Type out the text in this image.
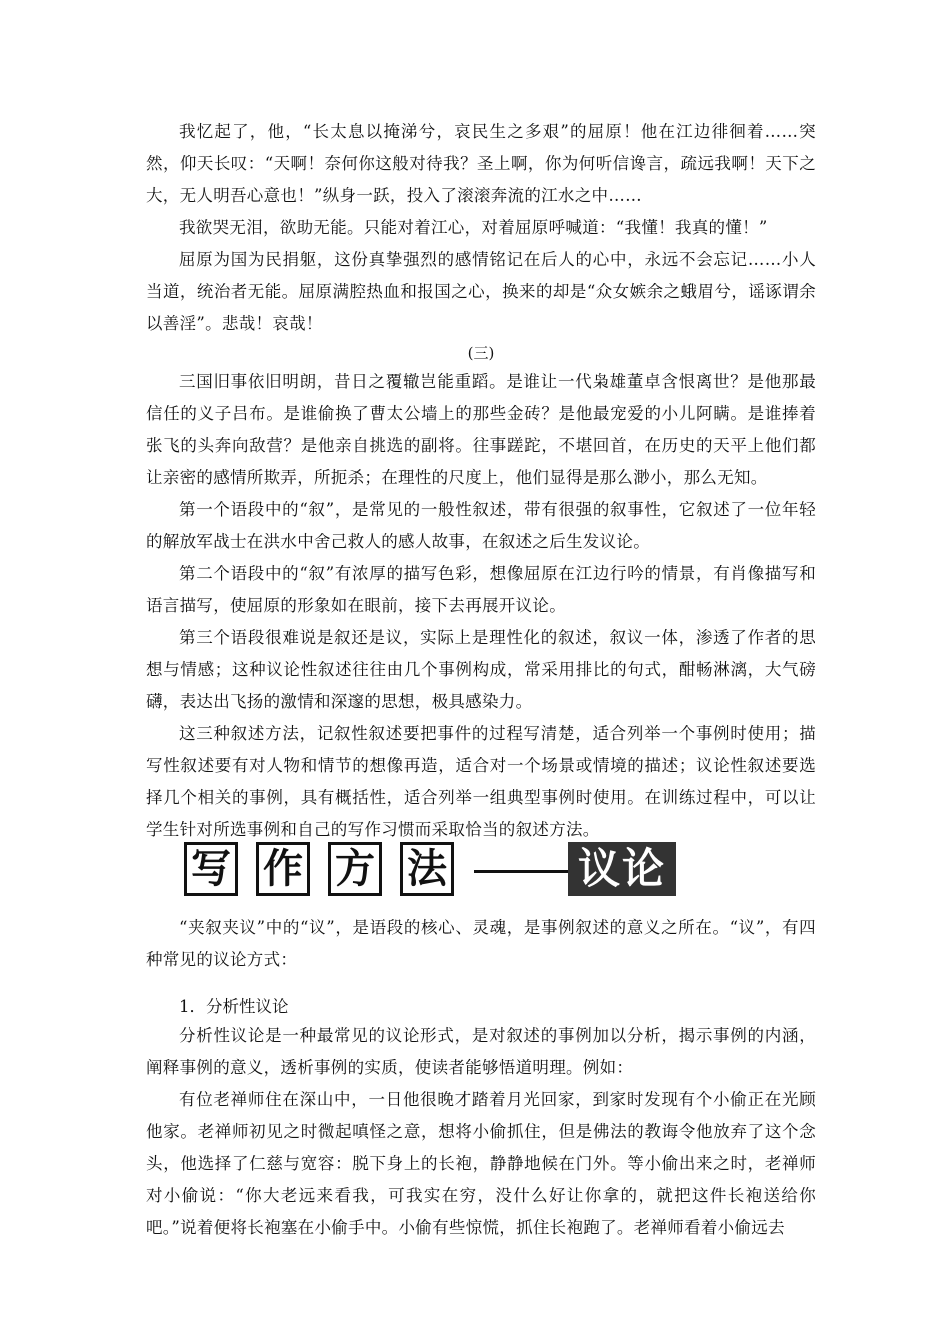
我忆起了，他，“长太息以掩涕兮，哀民生之多艰”的屈原！他在江边徘徊着……突然，仰天长叹：“天啊！奈何你这般对待我？圣上啊，你为何听信谗言，疏远我啊！天下之大，无人明吾心意也！”纵身一跃，投入了滚滚奔流的江水之中……

我欲哭无泪，欲助无能。只能对着江心，对着屈原呼喊道：“我懂！我真的懂！”

屈原为国为民捐躯，这份真挚强烈的感情铭记在后人的心中，永远不会忘记……小人当道，统治者无能。屈原满腔热血和报国之心，换来的却是“众女嫉余之蛾眉兮，谣诼谓余以善淫”。悲哉！哀哉！

(三)

三国旧事依旧明朗，昔日之覆辙岂能重蹈。是谁让一代枭雄董卓含恨离世？是他那最信任的义子吕布。是谁偷换了曹太公墙上的那些金砖？是他最宠爱的小儿阿瞒。是谁捧着张飞的头奔向敌营？是他亲自挑选的副将。往事蹉跎，不堪回首，在历史的天平上他们都让亲密的感情所欺弄，所扼杀；在理性的尺度上，他们显得是那么渺小，那么无知。

第一个语段中的“叙”，是常见的一般性叙述，带有很强的叙事性，它叙述了一位年轻的解放军战士在洪水中舍己救人的感人故事，在叙述之后生发议论。

第二个语段中的“叙”有浓厚的描写色彩，想像屈原在江边行吟的情景，有肖像描写和语言描写，使屈原的形象如在眼前，接下去再展开议论。

第三个语段很难说是叙还是议，实际上是理性化的叙述，叙议一体，渗透了作者的思想与情感；这种议论性叙述往往由几个事例构成，常采用排比的句式，酣畅淋漓，大气磅礴，表达出飞扬的激情和深邃的思想，极具感染力。

这三种叙述方法，记叙性叙述要把事件的过程写清楚，适合列举一个事例时使用；描写性叙述要有对人物和情节的想像再造，适合对一个场景或情境的描述；议论性叙述要选择几个相关的事例，具有概括性，适合列举一组典型事例时使用。在训练过程中，可以让学生针对所选事例和自己的写作习惯而采取恰当的叙述方法。

写 作 方 法	议论

“夹叙夹议”中的“议”，是语段的核心、灵魂，是事例叙述的意义之所在。“议”，有四种常见的议论方式：

1．分析性议论

分析性议论是一种最常见的议论形式，是对叙述的事例加以分析，揭示事例的内涵，阐释事例的意义，透析事例的实质，使读者能够悟道明理。例如：

有位老禅师住在深山中，一日他很晚才踏着月光回家，到家时发现有个小偷正在光顾他家。老禅师初见之时微起嗔怪之意，想将小偷抓住，但是佛法的教诲令他放弃了这个念头，他选择了仁慈与宽容：脱下身上的长袍，静静地候在门外。等小偷出来之时，老禅师对小偷说：“你大老远来看我，可我实在穷，没什么好让你拿的，就把这件长袍送给你吧。”说着便将长袍塞在小偷手中。小偷有些惊慌，抓住长袍跑了。老禅师看着小偷远去
